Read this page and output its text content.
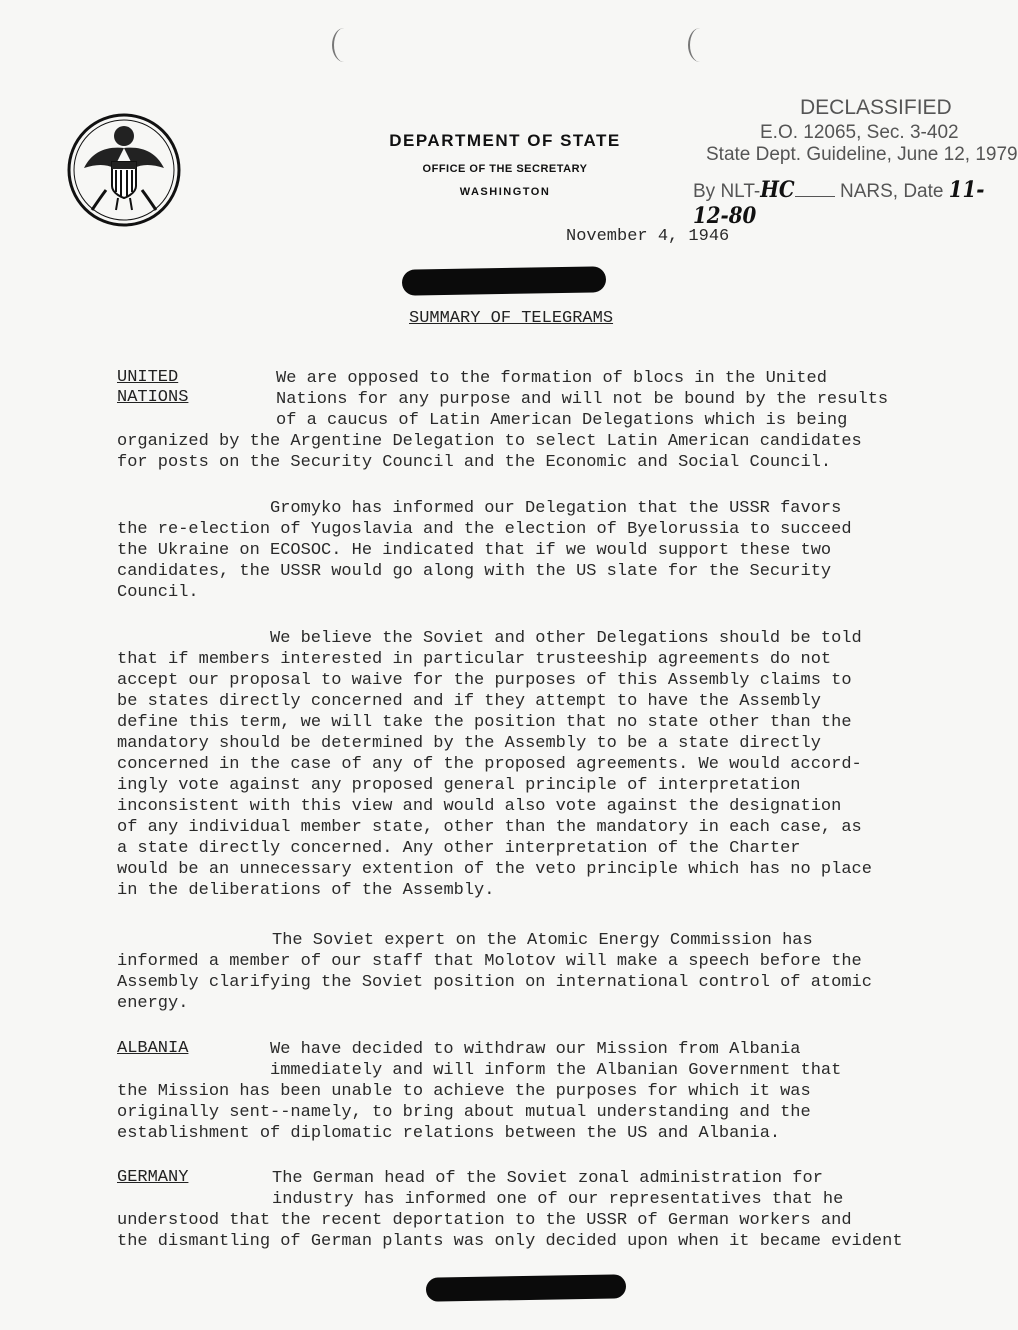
DEPARTMENT OF STATE
OFFICE OF THE SECRETARY
WASHINGTON
DECLASSIFIED
E.O. 12065, Sec. 3-402
State Dept. Guideline, June 12, 1979
By NLT-HC NARS, Date 11-12-80
November 4, 1946
SUMMARY OF TELEGRAMS
UNITED
NATIONS
We are opposed to the formation of blocs in the United
Nations for any purpose and will not be bound by the results
of a caucus of Latin American Delegations which is being
organized by the Argentine Delegation to select Latin American candidates
for posts on the Security Council and the Economic and Social Council.
Gromyko has informed our Delegation that the USSR favors
the re-election of Yugoslavia and the election of Byelorussia to succeed
the Ukraine on ECOSOC. He indicated that if we would support these two
candidates, the USSR would go along with the US slate for the Security
Council.
We believe the Soviet and other Delegations should be told
that if members interested in particular trusteeship agreements do not
accept our proposal to waive for the purposes of this Assembly claims to
be states directly concerned and if they attempt to have the Assembly
define this term, we will take the position that no state other than the
mandatory should be determined by the Assembly to be a state directly
concerned in the case of any of the proposed agreements. We would accord-
ingly vote against any proposed general principle of interpretation
inconsistent with this view and would also vote against the designation
of any individual member state, other than the mandatory in each case, as
a state directly concerned. Any other interpretation of the Charter
would be an unnecessary extention of the veto principle which has no place
in the deliberations of the Assembly.
The Soviet expert on the Atomic Energy Commission has
informed a member of our staff that Molotov will make a speech before the
Assembly clarifying the Soviet position on international control of atomic
energy.
ALBANIA	We have decided to withdraw our Mission from Albania
immediately and will inform the Albanian Government that
the Mission has been unable to achieve the purposes for which it was
originally sent--namely, to bring about mutual understanding and the
establishment of diplomatic relations between the US and Albania.
GERMANY	The German head of the Soviet zonal administration for
industry has informed one of our representatives that he
understood that the recent deportation to the USSR of German workers and
the dismantling of German plants was only decided upon when it became evident
